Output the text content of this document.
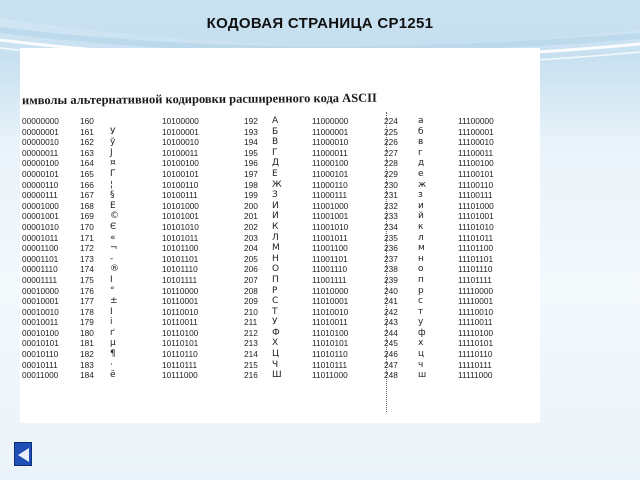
КОДОВАЯ СТРАНИЦА CP1251
имволы альтернативной кодировки расширенного кода ASCII
00000000	160		10100000	192	А	11000000	224	а	11100000
00000001	161	Ў	10100001	193	Б	11000001	225	б	11100001
00000010	162	ў	10100010	194	В	11000010	226	в	11100010
00000011	163	Ј	10100011	195	Г	11000011	227	г	11100011
00000100	164	¤	10100100	196	Д	11000100	228	д	11100100
00000101	165	Ґ	10100101	197	Е	11000101	229	е	11100101
00000110	166	¦	10100110	198	Ж	11000110	230	ж	11100110
00000111	167	§	10100111	199	З	11000111	231	з	11100111
00001000	168	Ё	10101000	200	И	11001000	232	и	11101000
00001001	169	©	10101001	201	Й	11001001	233	й	11101001
00001010	170	Є	10101010	202	К	11001010	234	к	11101010
00001011	171	«	10101011	203	Л	11001011	235	л	11101011
00001100	172	¬	10101100	204	М	11001100	236	м	11101100
00001101	173	-	10101101	205	Н	11001101	237	н	11101101
00001110	174	®	10101110	206	О	11001110	238	о	11101110
00001111	175	Ї	10101111	207	П	11001111	239	п	11101111
00010000	176	°	10110000	208	Р	11010000	240	р	11110000
00010001	177	±	10110001	209	С	11010001	241	с	11110001
00010010	178	І	10110010	210	Т	11010010	242	т	11110010
00010011	179	і	10110011	211	У	11010011	243	у	11110011
00010100	180	ґ	10110100	212	Ф	11010100	244	ф	11110100
00010101	181	µ	10110101	213	Х	11010101	245	х	11110101
00010110	182	¶	10110110	214	Ц	11010110	246	ц	11110110
00010111	183	·	10110111	215	Ч	11010111	247	ч	11110111
00011000	184	ё	10111000	216	Ш	11011000	248	ш	11111000
